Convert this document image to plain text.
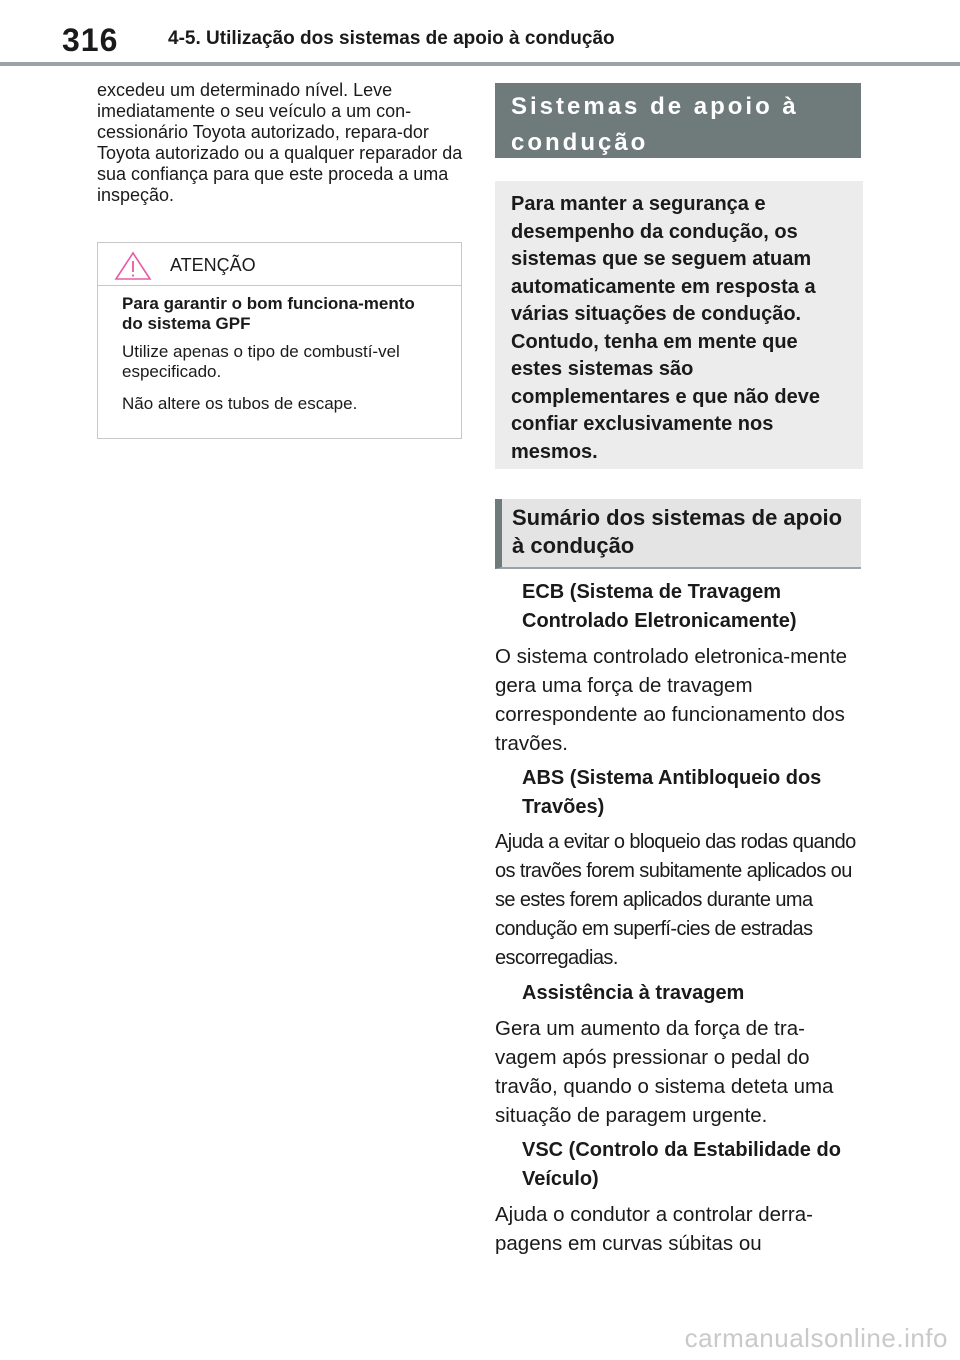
316	4-5. Utilização dos sistemas de apoio à condução

excedeu um determinado nível. Leve imediatamente o seu veículo a um con-cessionário Toyota autorizado, repara-dor Toyota autorizado ou a qualquer reparador da sua confiança para que este proceda a uma inspeção.

ATENÇÃO

Para garantir o bom funciona-mento do sistema GPF

Utilize apenas o tipo de combustí-vel especificado.

Não altere os tubos de escape.

Sistemas de apoio à condução
Para manter a segurança e desempenho da condução, os sistemas que se seguem atuam automaticamente em resposta a várias situações de condução. Contudo, tenha em mente que estes sistemas são complementares e que não deve confiar exclusivamente nos mesmos.
Sumário dos sistemas de apoio à condução

ECB (Sistema de Travagem Controlado Eletronicamente)

O sistema controlado eletronica-mente gera uma força de travagem correspondente ao funcionamento dos travões.

ABS (Sistema Antibloqueio dos Travões)

Ajuda a evitar o bloqueio das rodas quando os travões forem subitamente aplicados ou se estes forem aplicados durante uma condução em superfí-cies de estradas escorregadias.

Assistência à travagem

Gera um aumento da força de tra-vagem após pressionar o pedal do travão, quando o sistema deteta uma situação de paragem urgente.

VSC (Controlo da Estabilidade do Veículo)

Ajuda o condutor a controlar derra-pagens em curvas súbitas ou

carmanualsonline.info
